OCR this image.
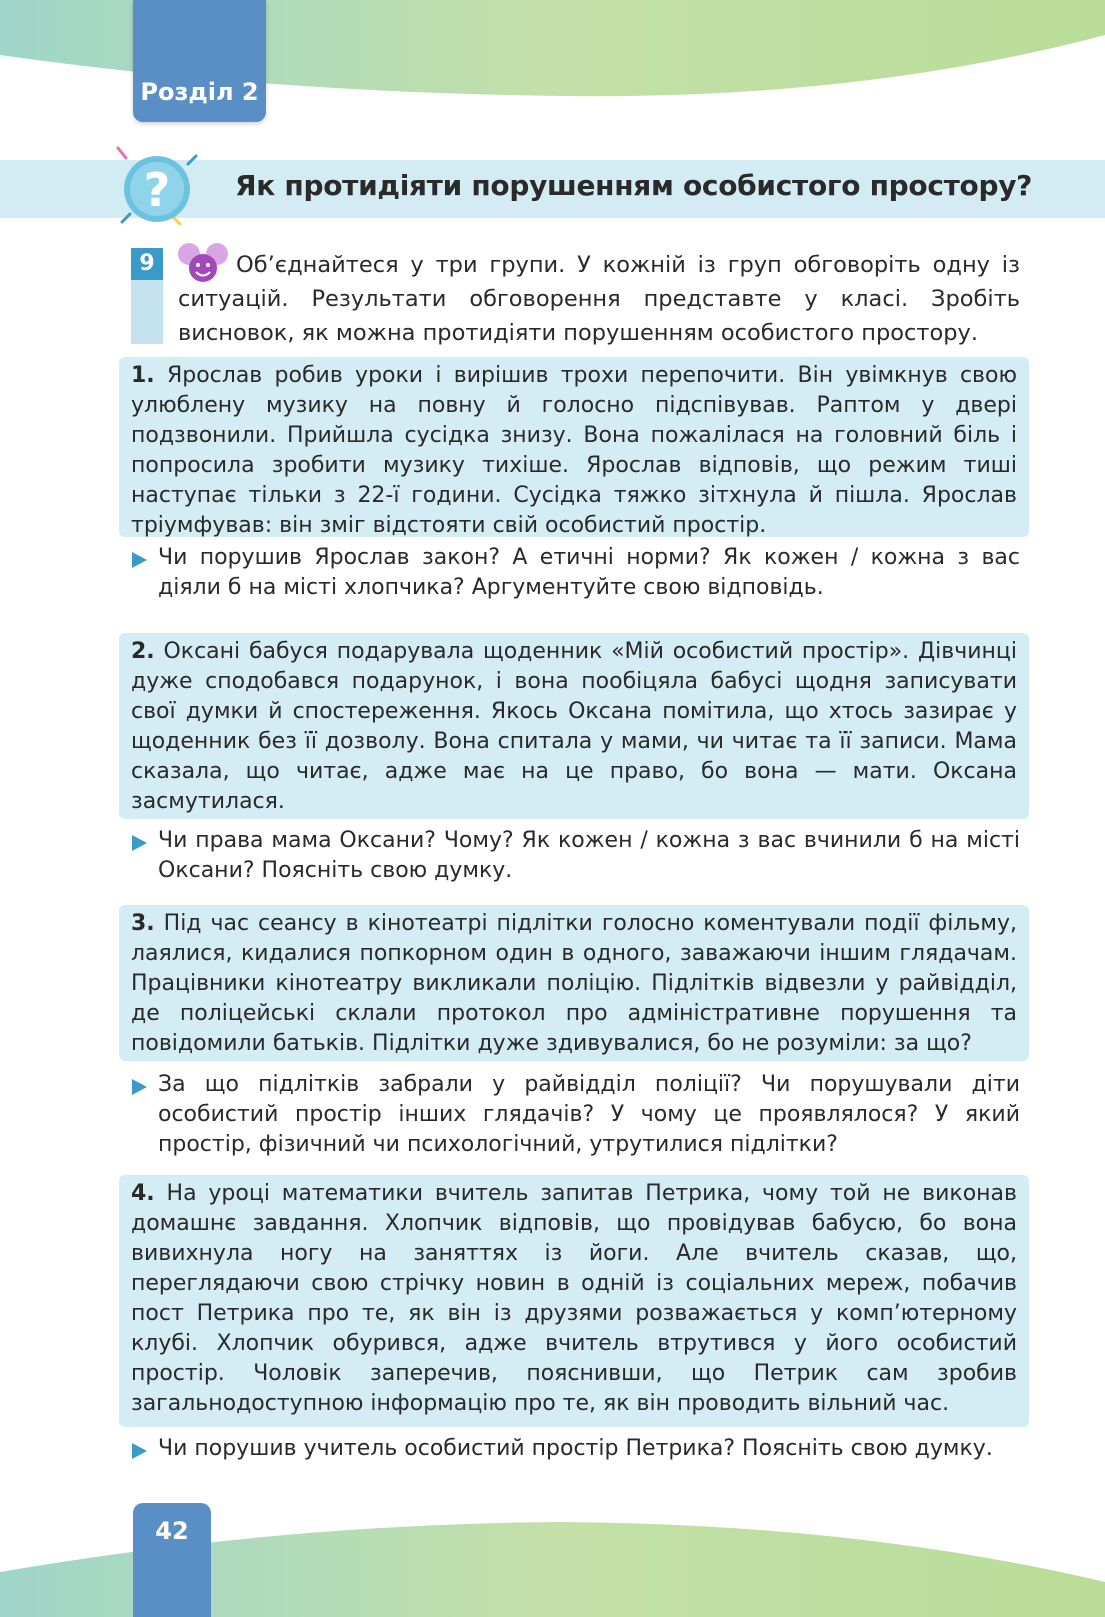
Розділ 2
Як протидіяти порушенням особистого простору?
?
9	Об’єднайтеся у три групи. У кожній із груп обговоріть одну із ситуацій. Результати обговорення представте у класі. Зробіть висновок, як можна протидіяти порушенням особистого простору.

1. Ярослав робив уроки і вирішив трохи перепочити. Він увімкнув свою улюблену музику на повну й голосно підспівував. Раптом у двері подзвонили. Прийшла сусідка знизу. Вона пожалілася на головний біль і попросила зробити музику тихіше. Ярослав відповів, що режим тиші наступає тільки з 22-ї години. Сусідка тяжко зітхнула й пішла. Ярослав тріумфував: він зміг відстояти свій особистий простір.
Чи порушив Ярослав закон? А етичні норми? Як кожен / кожна з вас діяли б на місті хлопчика? Аргументуйте свою відповідь.
2. Оксані бабуся подарувала щоденник «Мій особистий простір». Дівчинці дуже сподобався подарунок, і вона пообіцяла бабусі щодня записувати свої думки й спостереження. Якось Оксана помітила, що хтось зазирає у щоденник без її дозволу. Вона спитала у мами, чи читає та її записи. Мама сказала, що читає, адже має на це право, бо вона — мати. Оксана засмутилася.
Чи права мама Оксани? Чому? Як кожен / кожна з вас вчинили б на місті Оксани? Поясніть свою думку.
3. Під час сеансу в кінотеатрі підлітки голосно коментували події фільму, лаялися, кидалися попкорном один в одного, заважаючи іншим глядачам. Працівники кінотеатру викликали поліцію. Підлітків відвезли у райвідділ, де поліцейські склали протокол про адміністративне порушення та повідомили батьків. Підлітки дуже здивувалися, бо не розуміли: за що?
За що підлітків забрали у райвідділ поліції? Чи порушували діти особистий простір інших глядачів? У чому це проявлялося? У який простір, фізичний чи психологічний, утрутилися підлітки?
4. На уроці математики вчитель запитав Петрика, чому той не виконав домашнє завдання. Хлопчик відповів, що провідував бабусю, бо вона вивихнула ногу на заняттях із йоги. Але вчитель сказав, що, переглядаючи свою стрічку новин в одній із соціальних мереж, побачив пост Петрика про те, як він із друзями розважається у комп’ютерному клубі. Хлопчик обурився, адже вчитель втрутився у його особистий простір. Чоловік заперечив, пояснивши, що Петрик сам зробив загальнодоступною інформацію про те, як він проводить вільний час.
Чи порушив учитель особистий простір Петрика? Поясніть свою думку.
42
